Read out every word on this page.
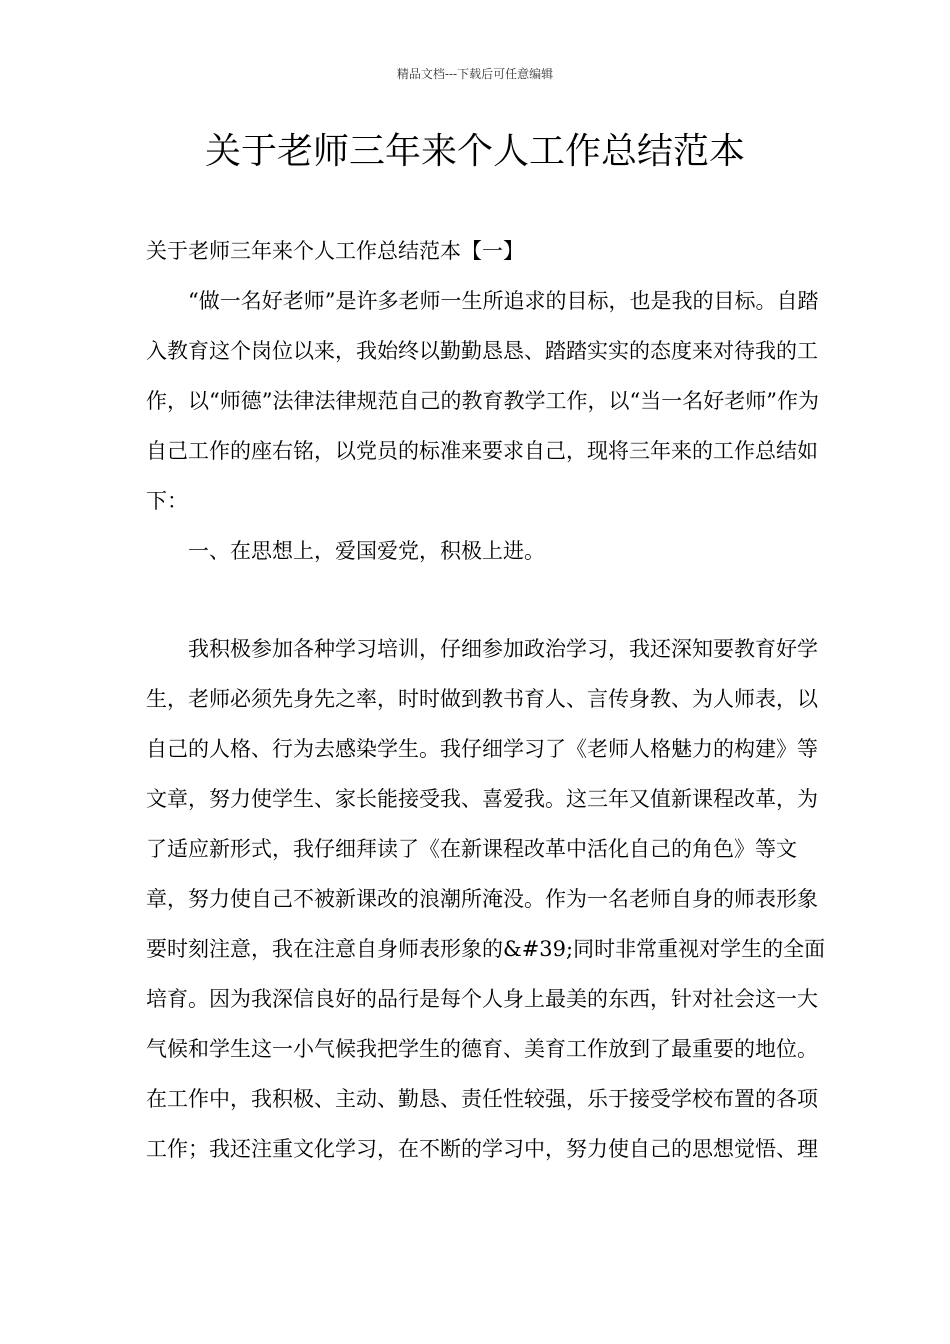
精品文档---下载后可任意编辑
关于老师三年来个人工作总结范本

关于老师三年来个人工作总结范本【一】

“做一名好老师”是许多老师一生所追求的目标，也是我的目标。自踏入教育这个岗位以来，我始终以勤勤恳恳、踏踏实实的态度来对待我的工作，以“师德”法律法律规范自己的教育教学工作，以“当一名好老师”作为自己工作的座右铭，以党员的标准来要求自己，现将三年来的工作总结如下：

一、在思想上，爱国爱党，积极上进。

我积极参加各种学习培训，仔细参加政治学习，我还深知要教育好学生，老师必须先身先之率，时时做到教书育人、言传身教、为人师表，以自己的人格、行为去感染学生。我仔细学习了《老师人格魅力的构建》等文章，努力使学生、家长能接受我、喜爱我。这三年又值新课程改革，为了适应新形式，我仔细拜读了《在新课程改革中活化自己的角色》等文章，努力使自己不被新课改的浪潮所淹没。作为一名老师自身的师表形象要时刻注意，我在注意自身师表形象的&#39;同时非常重视对学生的全面培育。因为我深信良好的品行是每个人身上最美的东西，针对社会这一大气候和学生这一小气候我把学生的德育、美育工作放到了最重要的地位。在工作中，我积极、主动、勤恳、责任性较强，乐于接受学校布置的各项工作；我还注重文化学习，在不断的学习中，努力使自己的思想觉悟、理
